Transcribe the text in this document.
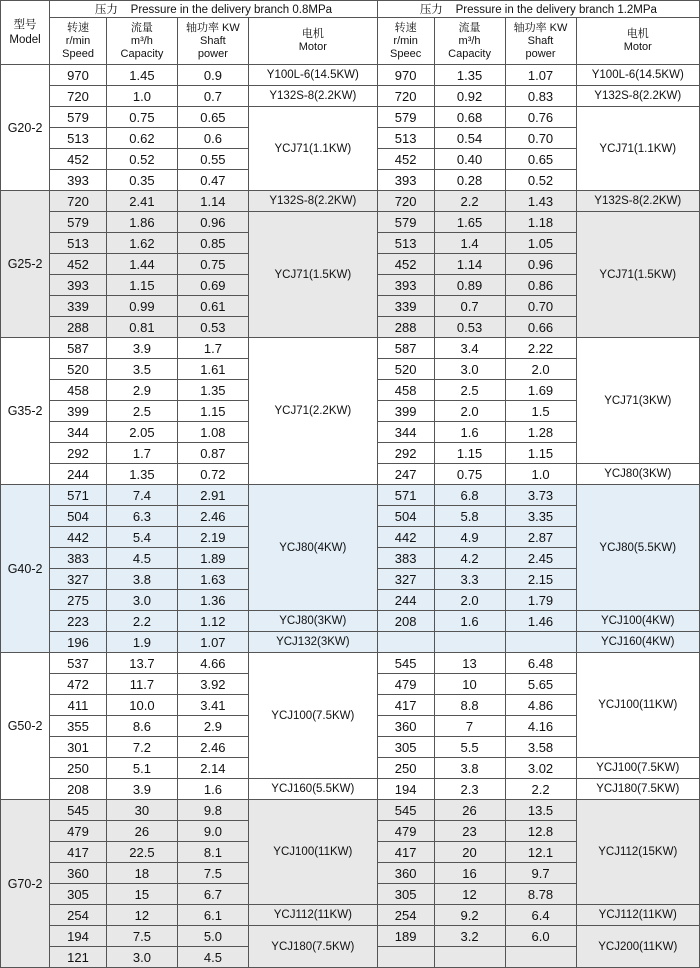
型号
Model	压力 Pressure in the delivery branch 0.8MPa				压力 Pressure in the delivery branch 1.2MPa			

	转速
r/min
Speed	流量
m³/h
Capacity	轴功率 KW
Shaft
power	电机
Motor	转速
r/min
Speec	流量
m³/h
Capacity	轴功率 KW
Shaft
power	电机
Motor

G20-2	970	1.45	0.9	Y100L-6(14.5KW)	970	1.35	1.07	Y100L-6(14.5KW)
	720	1.0	0.7	Y132S-8(2.2KW)	720	0.92	0.83	Y132S-8(2.2KW)
	579	0.75	0.65	YCJ71(1.1KW)	579	0.68	0.76	YCJ71(1.1KW)
	513	0.62	0.6		513	0.54	0.70	
	452	0.52	0.55		452	0.40	0.65	
	393	0.35	0.47		393	0.28	0.52	
G25-2	720	2.41	1.14	Y132S-8(2.2KW)	720	2.2	1.43	Y132S-8(2.2KW)
	579	1.86	0.96	YCJ71(1.5KW)	579	1.65	1.18	YCJ71(1.5KW)
	513	1.62	0.85		513	1.4	1.05	
	452	1.44	0.75		452	1.14	0.96	
	393	1.15	0.69		393	0.89	0.86	
	339	0.99	0.61		339	0.7	0.70	
	288	0.81	0.53		288	0.53	0.66	
G35-2	587	3.9	1.7	YCJ71(2.2KW)	587	3.4	2.22	YCJ71(3KW)
	520	3.5	1.61		520	3.0	2.0	
	458	2.9	1.35		458	2.5	1.69	
	399	2.5	1.15		399	2.0	1.5	
	344	2.05	1.08		344	1.6	1.28	
	292	1.7	0.87		292	1.15	1.15	
	244	1.35	0.72		247	0.75	1.0	YCJ80(3KW)
G40-2	571	7.4	2.91	YCJ80(4KW)	571	6.8	3.73	YCJ80(5.5KW)
	504	6.3	2.46		504	5.8	3.35	
	442	5.4	2.19		442	4.9	2.87	
	383	4.5	1.89		383	4.2	2.45	
	327	3.8	1.63		327	3.3	2.15	
	275	3.0	1.36		244	2.0	1.79	
	223	2.2	1.12	YCJ80(3KW)	208	1.6	1.46	YCJ100(4KW)
	196	1.9	1.07	YCJ132(3KW)				YCJ160(4KW)
G50-2	537	13.7	4.66	YCJ100(7.5KW)	545	13	6.48	YCJ100(11KW)
	472	11.7	3.92		479	10	5.65	
	411	10.0	3.41		417	8.8	4.86	
	355	8.6	2.9		360	7	4.16	
	301	7.2	2.46		305	5.5	3.58	
	250	5.1	2.14		250	3.8	3.02	YCJ100(7.5KW)
	208	3.9	1.6	YCJ160(5.5KW)	194	2.3	2.2	YCJ180(7.5KW)
G70-2	545	30	9.8	YCJ100(11KW)	545	26	13.5	YCJ112(15KW)
	479	26	9.0		479	23	12.8	
	417	22.5	8.1		417	20	12.1	
	360	18	7.5		360	16	9.7	
	305	15	6.7		305	12	8.78	
	254	12	6.1	YCJ112(11KW)	254	9.2	6.4	YCJ112(11KW)
	194	7.5	5.0	YCJ180(7.5KW)	189	3.2	6.0	YCJ200(11KW)
	121	3.0	4.5					
